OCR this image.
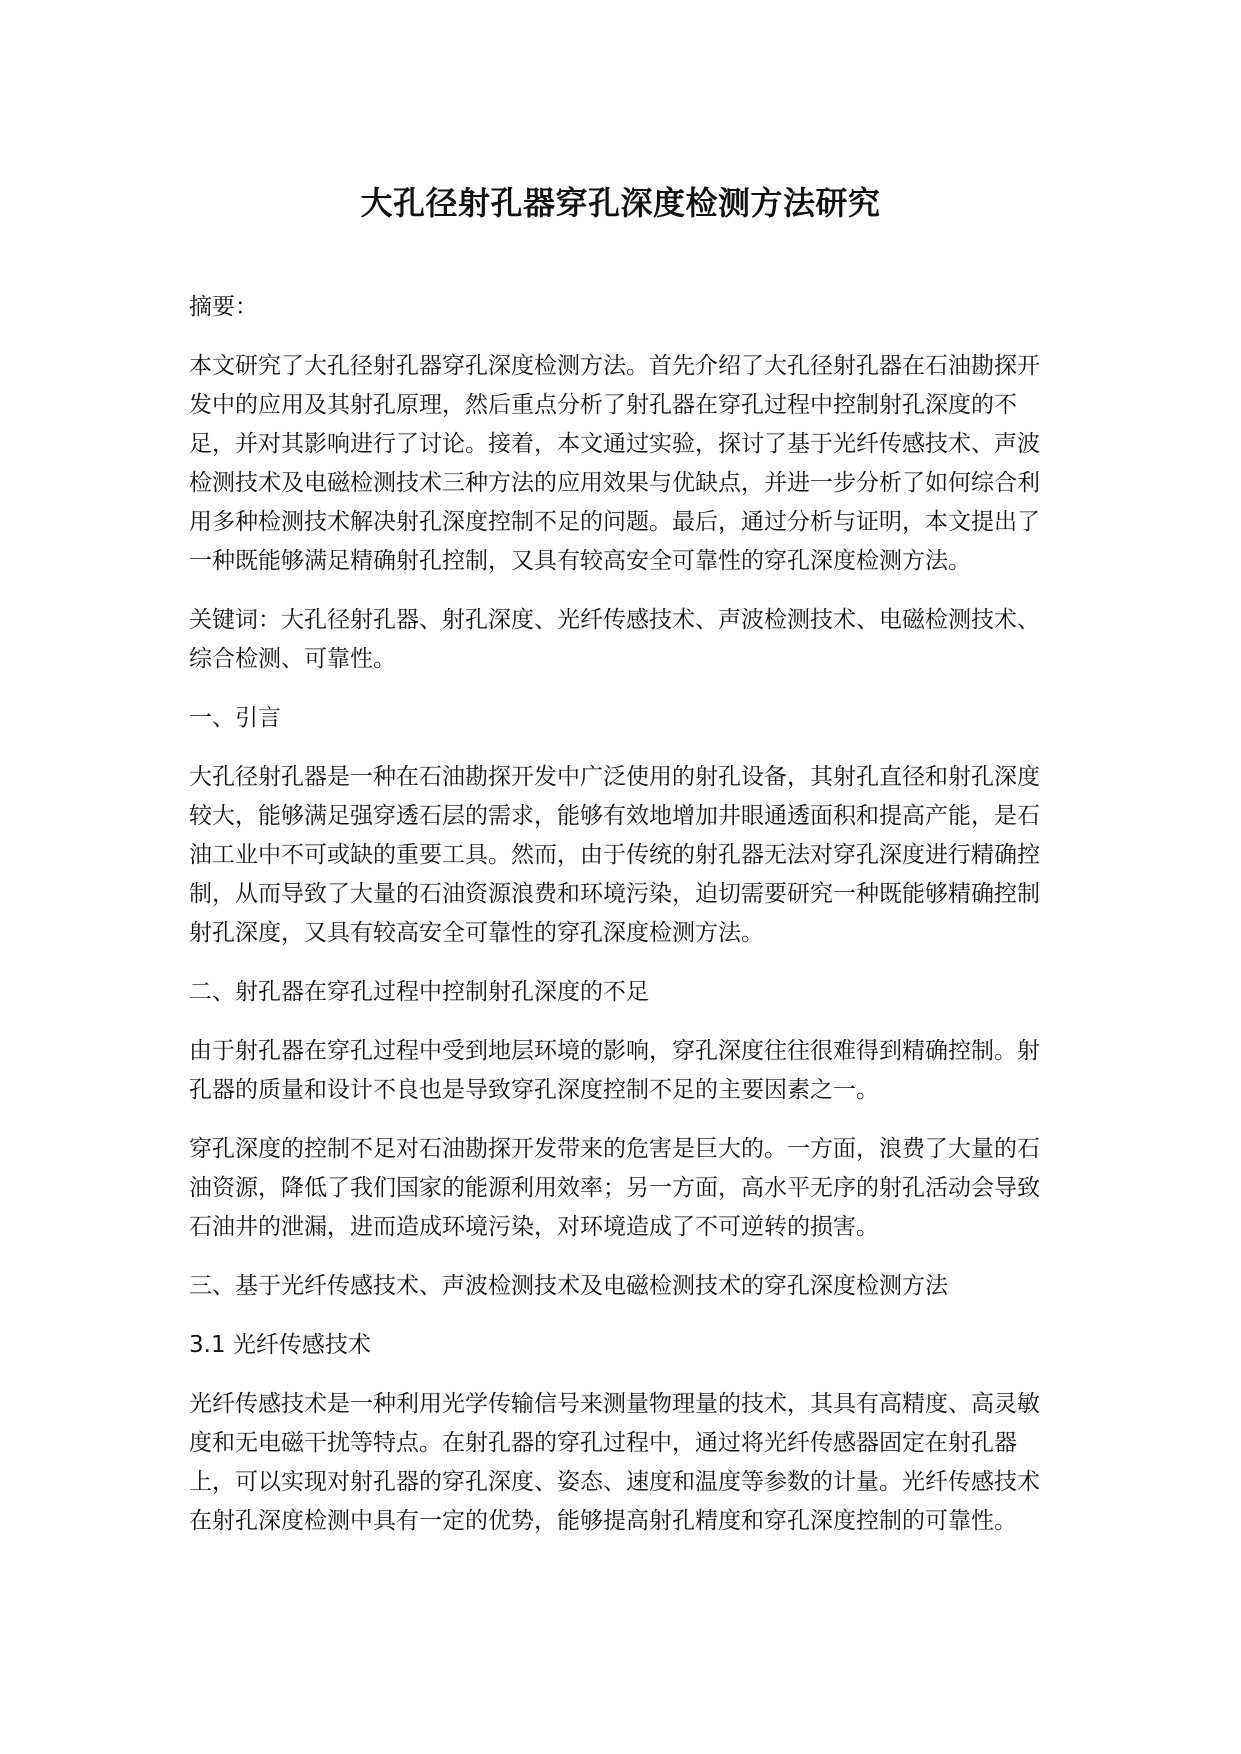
大孔径射孔器穿孔深度检测方法研究

摘要：

本文研究了大孔径射孔器穿孔深度检测方法。首先介绍了大孔径射孔器在石油勘探开发中的应用及其射孔原理，然后重点分析了射孔器在穿孔过程中控制射孔深度的不足，并对其影响进行了讨论。接着，本文通过实验，探讨了基于光纤传感技术、声波检测技术及电磁检测技术三种方法的应用效果与优缺点，并进一步分析了如何综合利用多种检测技术解决射孔深度控制不足的问题。最后，通过分析与证明，本文提出了一种既能够满足精确射孔控制，又具有较高安全可靠性的穿孔深度检测方法。

关键词：大孔径射孔器、射孔深度、光纤传感技术、声波检测技术、电磁检测技术、综合检测、可靠性。

一、引言

大孔径射孔器是一种在石油勘探开发中广泛使用的射孔设备，其射孔直径和射孔深度较大，能够满足强穿透石层的需求，能够有效地增加井眼通透面积和提高产能，是石油工业中不可或缺的重要工具。然而，由于传统的射孔器无法对穿孔深度进行精确控制，从而导致了大量的石油资源浪费和环境污染，迫切需要研究一种既能够精确控制射孔深度，又具有较高安全可靠性的穿孔深度检测方法。

二、射孔器在穿孔过程中控制射孔深度的不足

由于射孔器在穿孔过程中受到地层环境的影响，穿孔深度往往很难得到精确控制。射孔器的质量和设计不良也是导致穿孔深度控制不足的主要因素之一。

穿孔深度的控制不足对石油勘探开发带来的危害是巨大的。一方面，浪费了大量的石油资源，降低了我们国家的能源利用效率；另一方面，高水平无序的射孔活动会导致石油井的泄漏，进而造成环境污染，对环境造成了不可逆转的损害。

三、基于光纤传感技术、声波检测技术及电磁检测技术的穿孔深度检测方法

3.1 光纤传感技术

光纤传感技术是一种利用光学传输信号来测量物理量的技术，其具有高精度、高灵敏度和无电磁干扰等特点。在射孔器的穿孔过程中，通过将光纤传感器固定在射孔器上，可以实现对射孔器的穿孔深度、姿态、速度和温度等参数的计量。光纤传感技术在射孔深度检测中具有一定的优势，能够提高射孔精度和穿孔深度控制的可靠性。
